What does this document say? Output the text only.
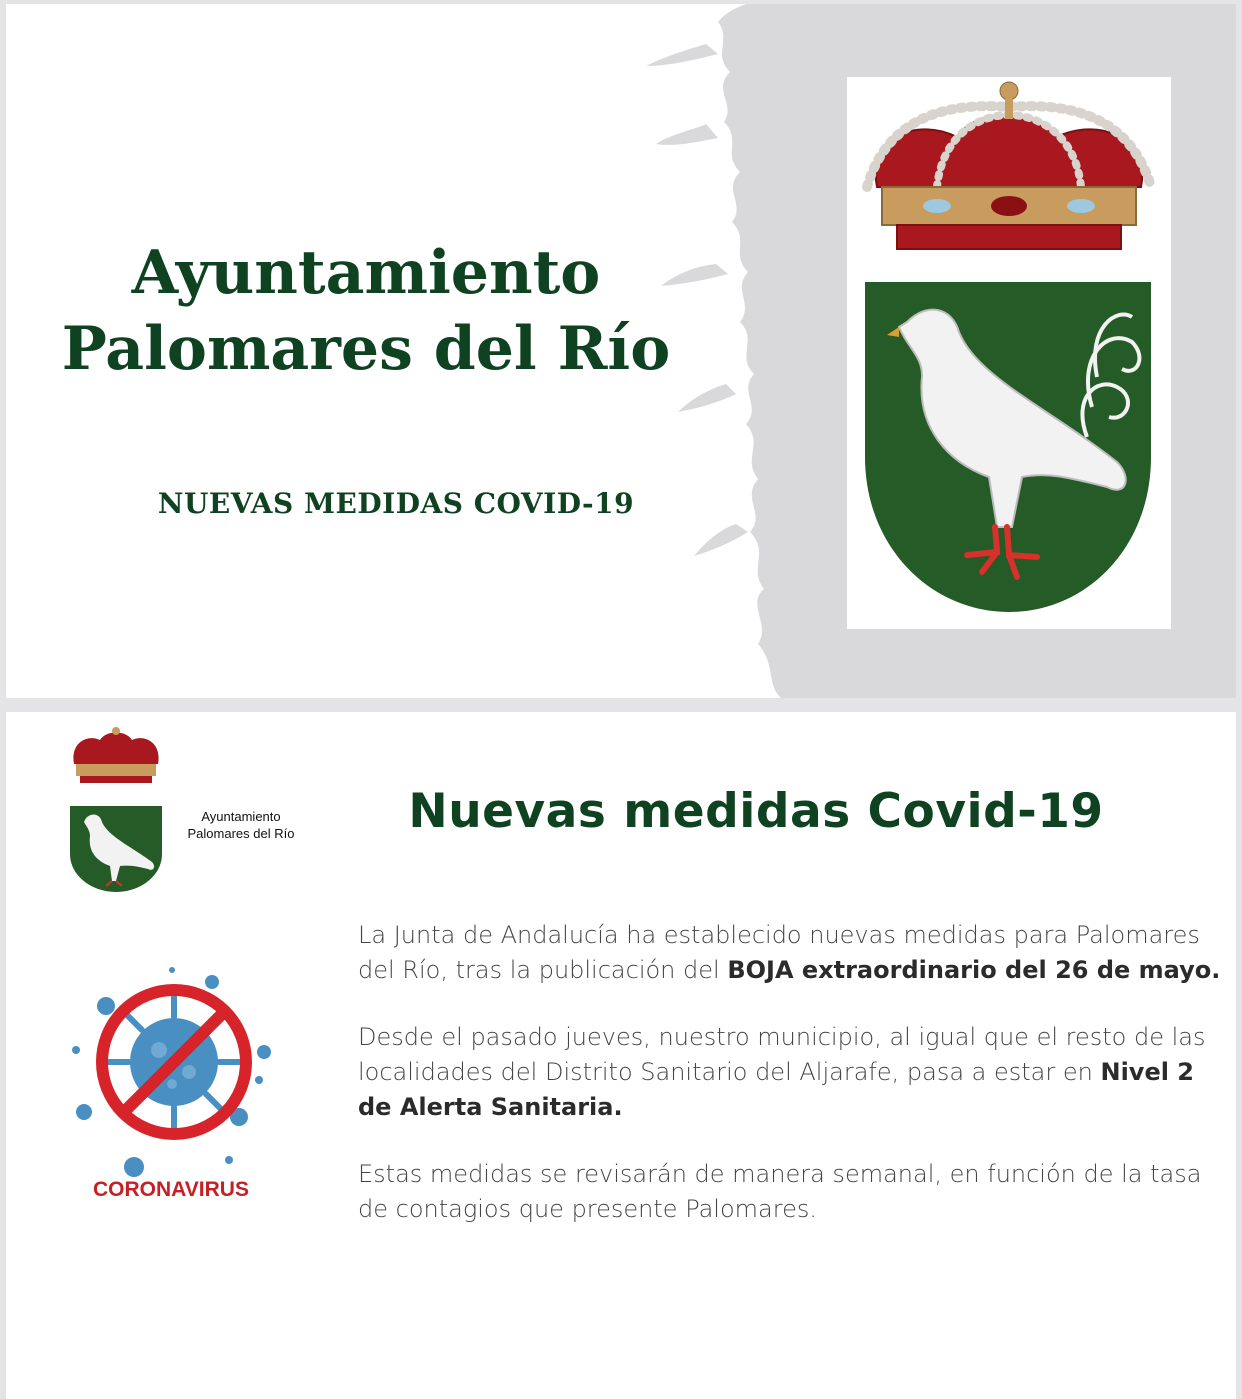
Ayuntamiento
Palomares del Río
NUEVAS MEDIDAS COVID-19
Ayuntamiento
Palomares del Río	Nuevas medidas Covid-19

La Junta de Andalucía ha establecido nuevas medidas para Palomares del Río, tras la publicación del BOJA extraordinario del 26 de mayo.

Desde el pasado jueves, nuestro municipio, al igual que el resto de las localidades del Distrito Sanitario del Aljarafe, pasa a estar en Nivel 2 de Alerta Sanitaria.

Estas medidas se revisarán de manera semanal, en función de la tasa de contagios que presente Palomares.

CORONAVIRUS
